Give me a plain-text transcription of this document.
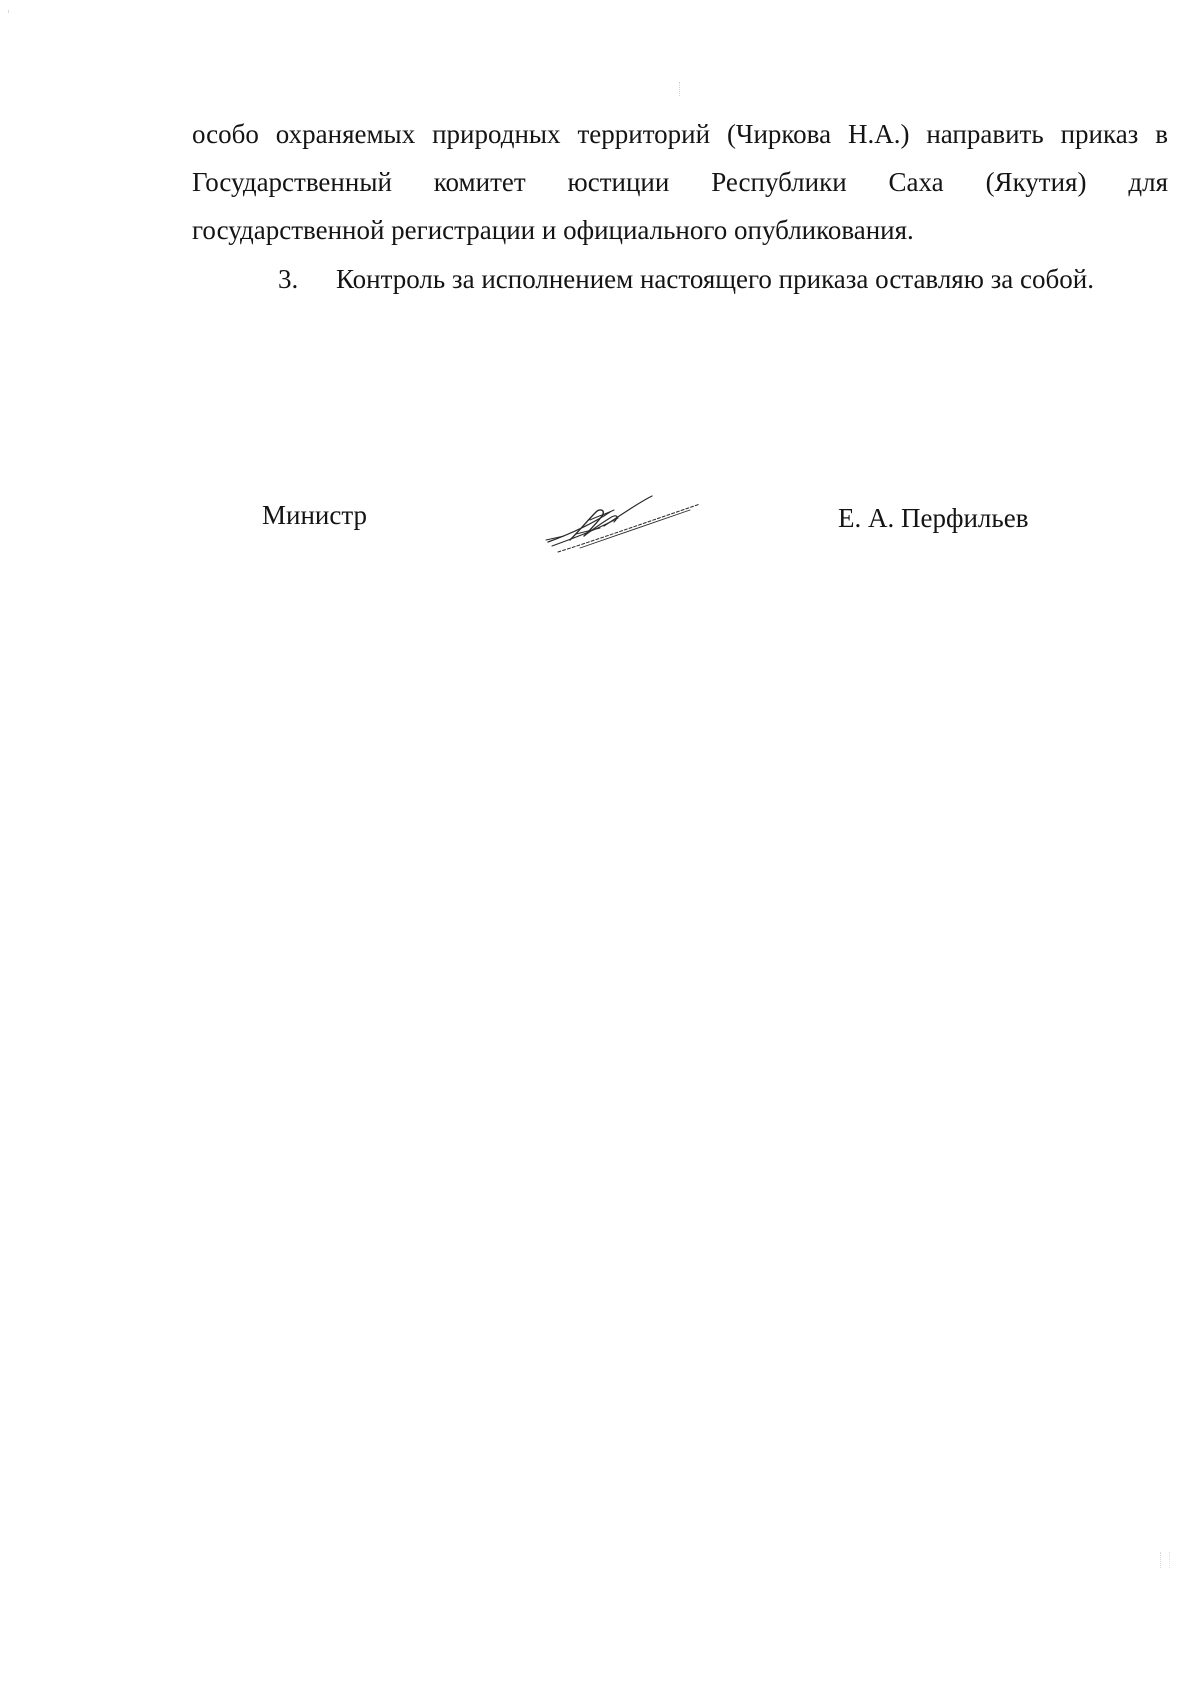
особо охраняемых природных территорий (Чиркова Н.А.) направить приказ в
Государственный комитет юстиции Республики Саха (Якутия) для
государственной регистрации и официального опубликования.

3. Контроль за исполнением настоящего приказа оставляю за собой.

Министр	Е. А. Перфильев
